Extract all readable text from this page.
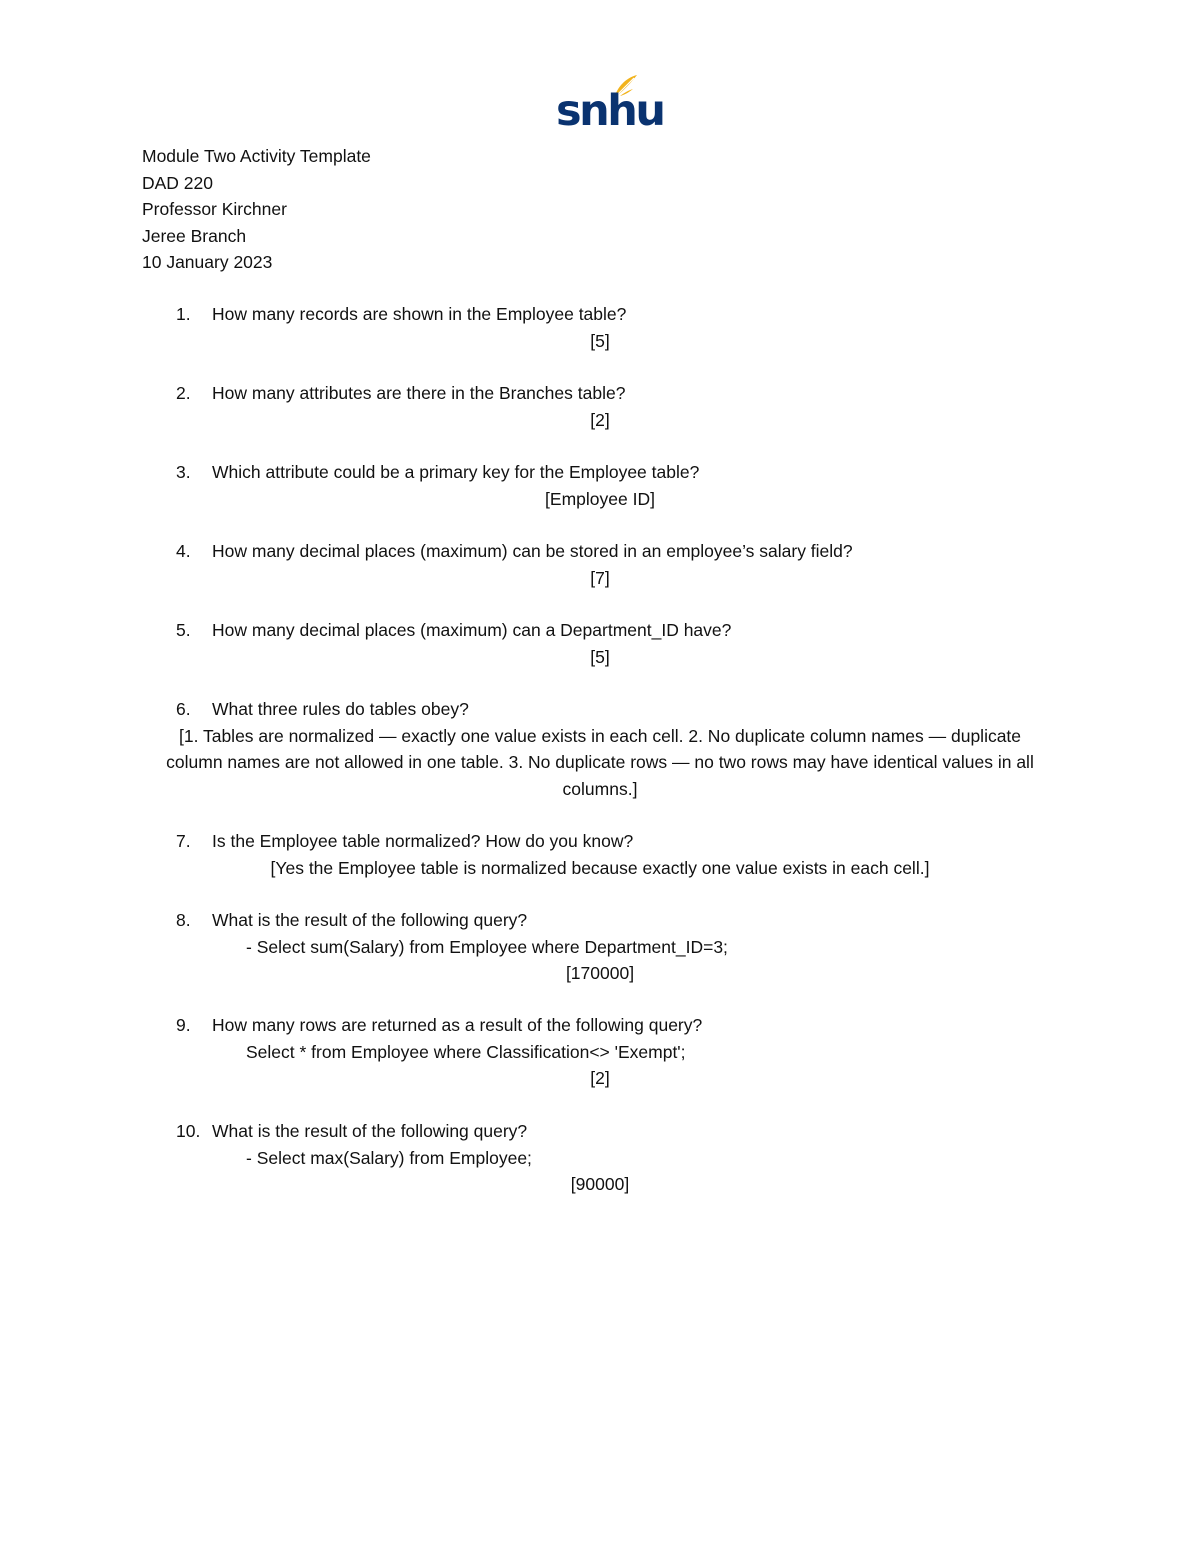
snhu
Module Two Activity Template
DAD 220
Professor Kirchner
Jeree Branch
10 January 2023
1. How many records are shown in the Employee table?
[5]
2. How many attributes are there in the Branches table?
[2]
3. Which attribute could be a primary key for the Employee table?
[Employee ID]
4. How many decimal places (maximum) can be stored in an employee’s salary field?
[7]
5. How many decimal places (maximum) can a Department_ID have?
[5]
6. What three rules do tables obey?
[1. Tables are normalized — exactly one value exists in each cell. 2. No duplicate column names — duplicate column names are not allowed in one table. 3. No duplicate rows — no two rows may have identical values in all columns.]
7. Is the Employee table normalized? How do you know?
[Yes the Employee table is normalized because exactly one value exists in each cell.]
8. What is the result of the following query?
- Select sum(Salary) from Employee where Department_ID=3;
[170000]
9. How many rows are returned as a result of the following query?
Select * from Employee where Classification<> 'Exempt';
[2]
10. What is the result of the following query?
- Select max(Salary) from Employee;
[90000]
